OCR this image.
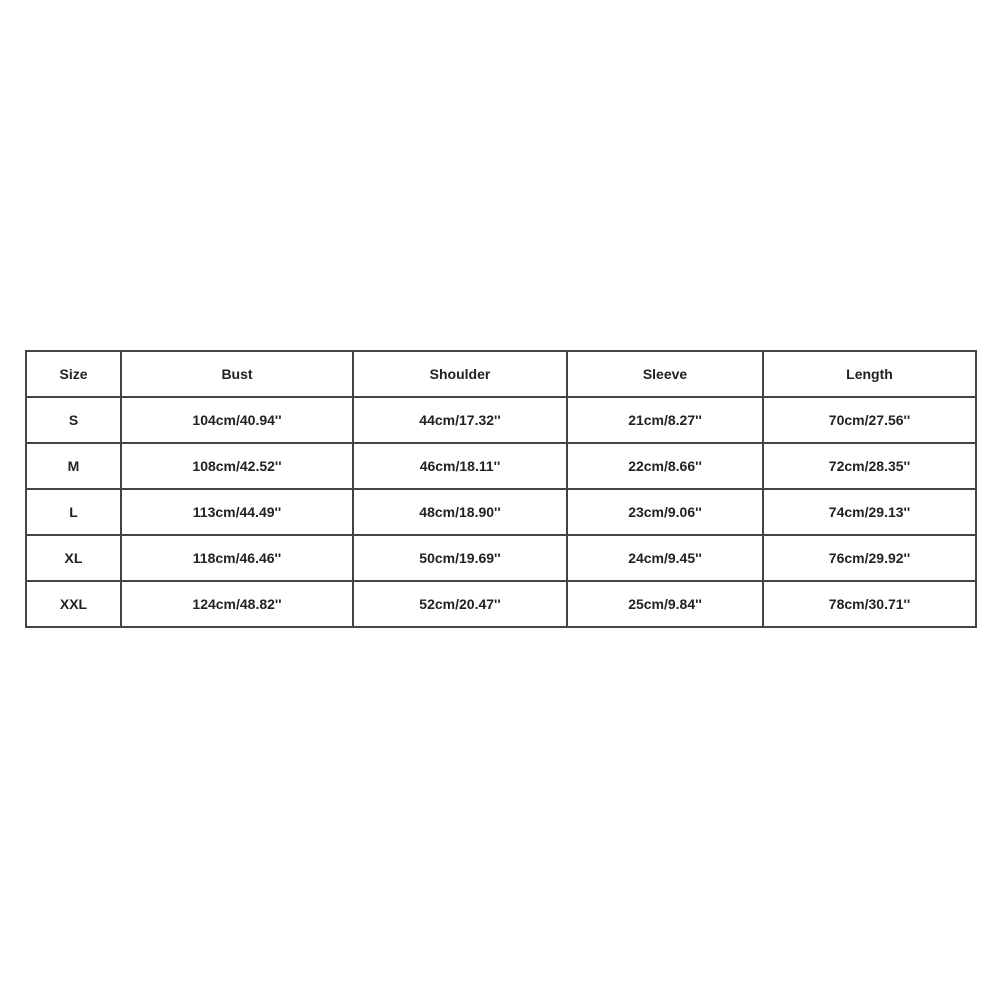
Size	Bust	Shoulder	Sleeve	Length
S	104cm/40.94''	44cm/17.32''	21cm/8.27''	70cm/27.56''
M	108cm/42.52''	46cm/18.11''	22cm/8.66''	72cm/28.35''
L	113cm/44.49''	48cm/18.90''	23cm/9.06''	74cm/29.13''
XL	118cm/46.46''	50cm/19.69''	24cm/9.45''	76cm/29.92''
XXL	124cm/48.82''	52cm/20.47''	25cm/9.84''	78cm/30.71''
